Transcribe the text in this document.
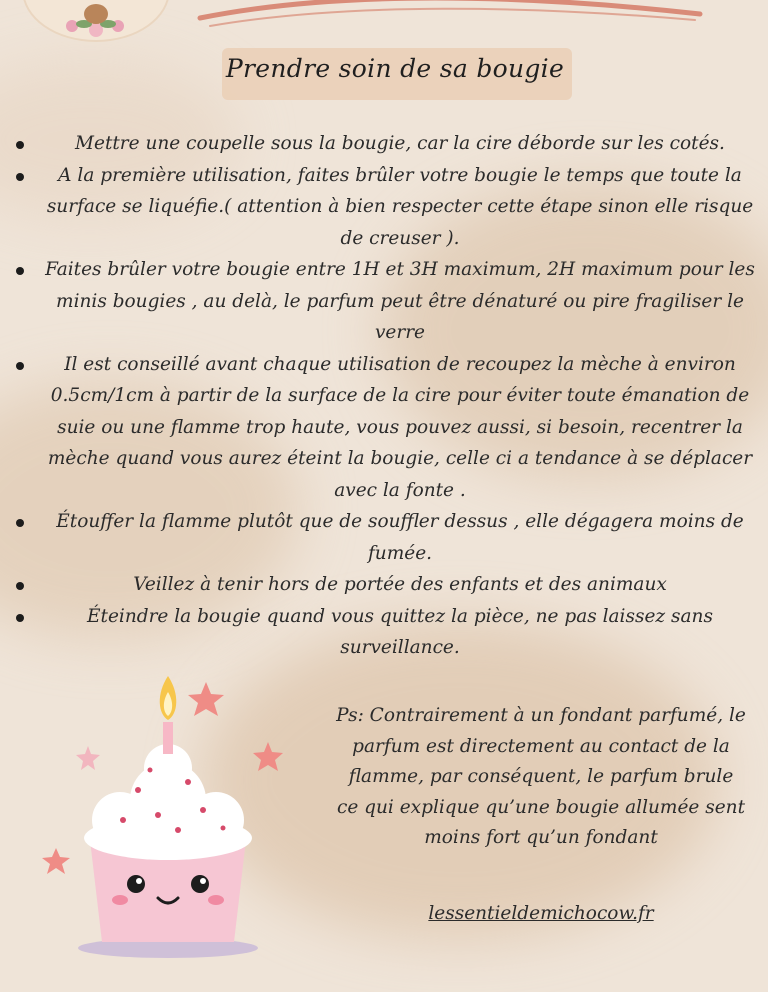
Prendre soin de sa bougie
Mettre une coupelle sous la bougie, car la cire déborde sur les cotés.
A la première utilisation, faites brûler votre bougie le temps que toute la surface se liquéfie.( attention à bien respecter cette étape sinon elle risque de creuser ).
Faites brûler votre bougie entre 1H et 3H maximum, 2H maximum pour les minis bougies , au delà, le parfum peut être dénaturé ou pire fragiliser le verre
Il est conseillé avant chaque utilisation de recoupez la mèche à environ 0.5cm/1cm à partir de la surface de la cire pour éviter toute émanation de suie ou une flamme trop haute, vous pouvez aussi, si besoin, recentrer la mèche quand vous aurez éteint la bougie, celle ci a tendance à se déplacer avec la fonte .
Étouffer la flamme plutôt que de souffler dessus , elle dégagera moins de fumée.
Veillez à tenir hors de portée des enfants et des animaux
Éteindre la bougie quand vous quittez la pièce, ne pas laissez sans surveillance.
Ps: Contrairement à un fondant parfumé, le parfum est directement au contact de la flamme, par conséquent, le parfum brule ce qui explique qu’une bougie allumée sent moins fort qu’un fondant
lessentieldemichocow.fr
